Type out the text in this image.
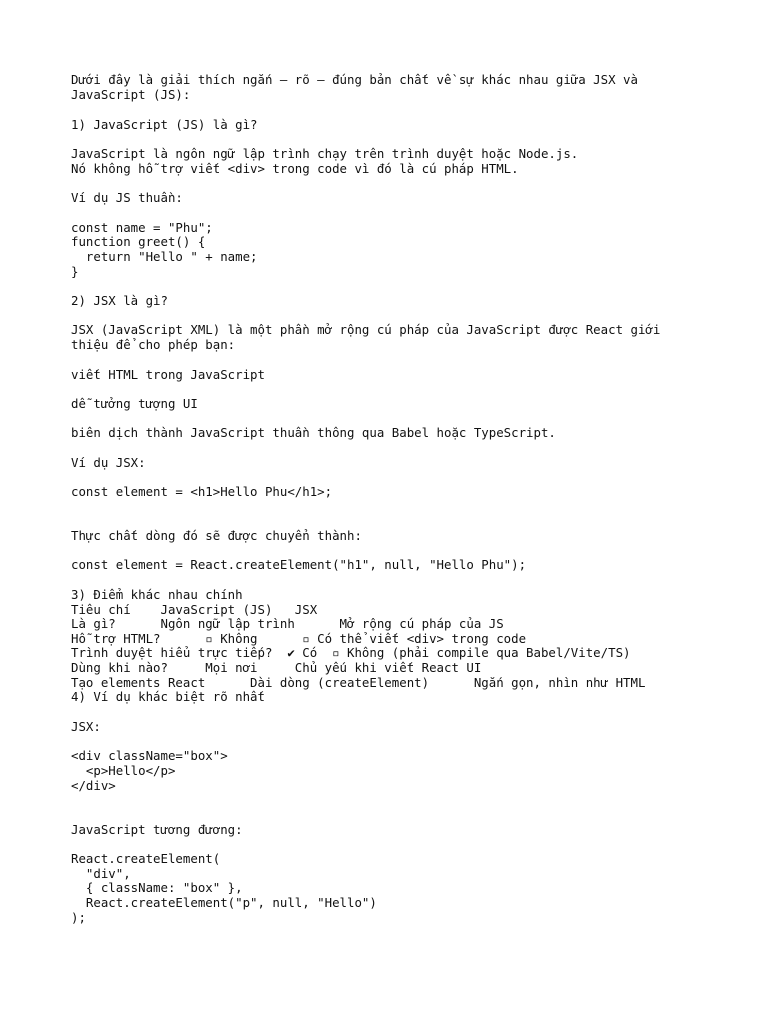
Dưới đây là giải thích ngắn – rõ – đúng bản chất về sự khác nhau giữa JSX và

JavaScript (JS):

1) JavaScript (JS) là gì?

JavaScript là ngôn ngữ lập trình chạy trên trình duyệt hoặc Node.js.

Nó không hỗ trợ viết <div> trong code vì đó là cú pháp HTML.

Ví dụ JS thuần:

const name = "Phu";

function greet() {

return "Hello " + name;

}

2) JSX là gì?

JSX (JavaScript XML) là một phần mở rộng cú pháp của JavaScript được React giới

thiệu để cho phép bạn:

viết HTML trong JavaScript

dễ tưởng tượng UI

biên dịch thành JavaScript thuần thông qua Babel hoặc TypeScript.

Ví dụ JSX:

const element = <h1>Hello Phu</h1>;

Thực chất dòng đó sẽ được chuyển thành:

const element = React.createElement("h1", null, "Hello Phu");

3) Điểm khác nhau chính

Tiêu chí    JavaScript (JS)   JSX

Là gì?      Ngôn ngữ lập trình      Mở rộng cú pháp của JS

Hỗ trợ HTML?      ▫ Không      ▫ Có thể viết <div> trong code

Trình duyệt hiểu trực tiếp?  ✔ Có  ▫ Không (phải compile qua Babel/Vite/TS)

Dùng khi nào?     Mọi nơi     Chủ yếu khi viết React UI

Tạo elements React      Dài dòng (createElement)      Ngắn gọn, nhìn như HTML

4) Ví dụ khác biệt rõ nhất

JSX:

<div className="box">

<p>Hello</p>

</div>

JavaScript tương đương:

React.createElement(

"div",

{ className: "box" },

React.createElement("p", null, "Hello")

);
